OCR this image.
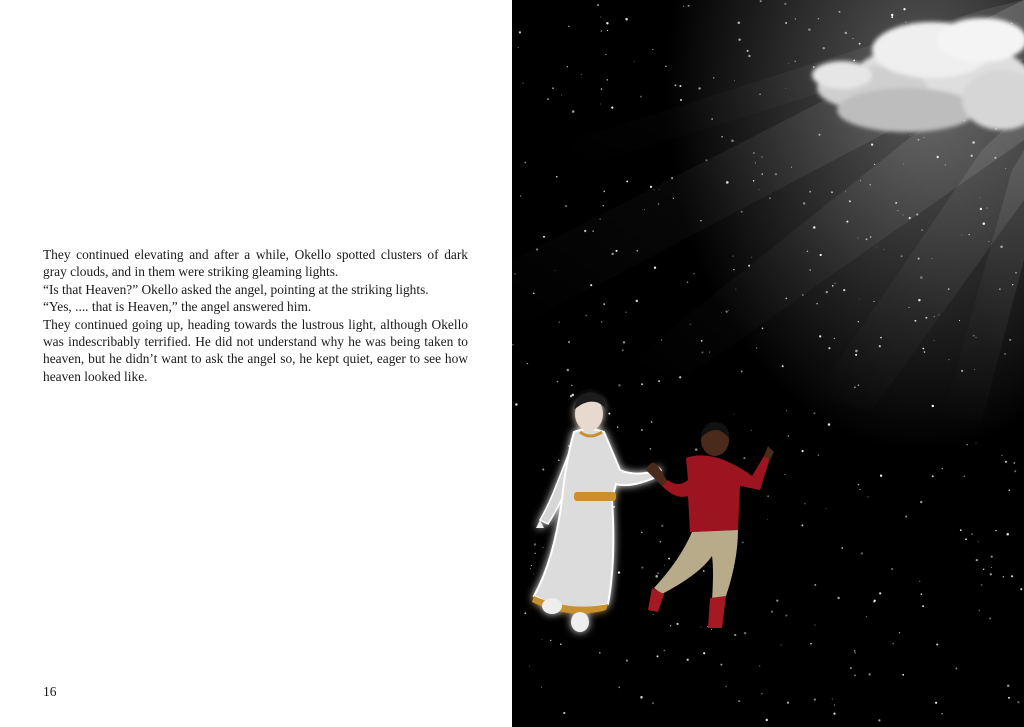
They continued elevating and after a while, Okello spotted clusters of dark gray clouds, and in them were striking gleaming lights.

“Is that Heaven?” Okello asked the angel, pointing at the striking lights.

“Yes, .... that is Heaven,” the angel answered him.

They continued going up, heading towards the lustrous light, although Okello was indescribably terrified. He did not understand why he was being taken to heaven, but he didn’t want to ask the angel so, he kept quiet, eager to see how heaven looked like.

16
